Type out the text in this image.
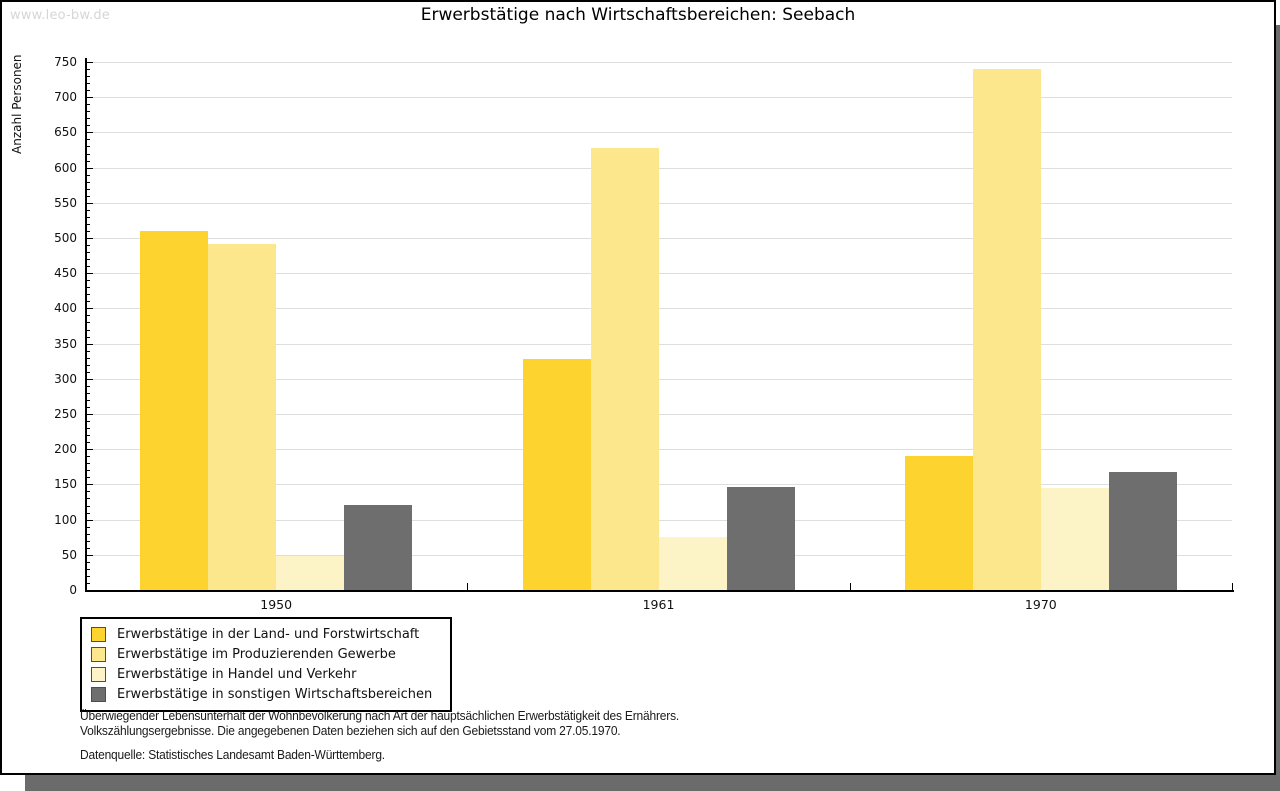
www.leo-bw.de	Erwerbstätige nach Wirtschaftsbereichen: Seebach
Anzahl Personen
0
50
100
150
200
250
300
350
400
450
500
550
600
650
700
750
1950	1961	1970
Erwerbstätige in der Land- und Forstwirtschaft
Erwerbstätige im Produzierenden Gewerbe
Erwerbstätige in Handel und Verkehr
Erwerbstätige in sonstigen Wirtschaftsbereichen
Überwiegender Lebensunterhalt der Wohnbevölkerung nach Art der hauptsächlichen Erwerbstätigkeit des Ernährers.
Volkszählungsergebnisse. Die angegebenen Daten beziehen sich auf den Gebietsstand vom 27.05.1970.
Datenquelle: Statistisches Landesamt Baden-Württemberg.
